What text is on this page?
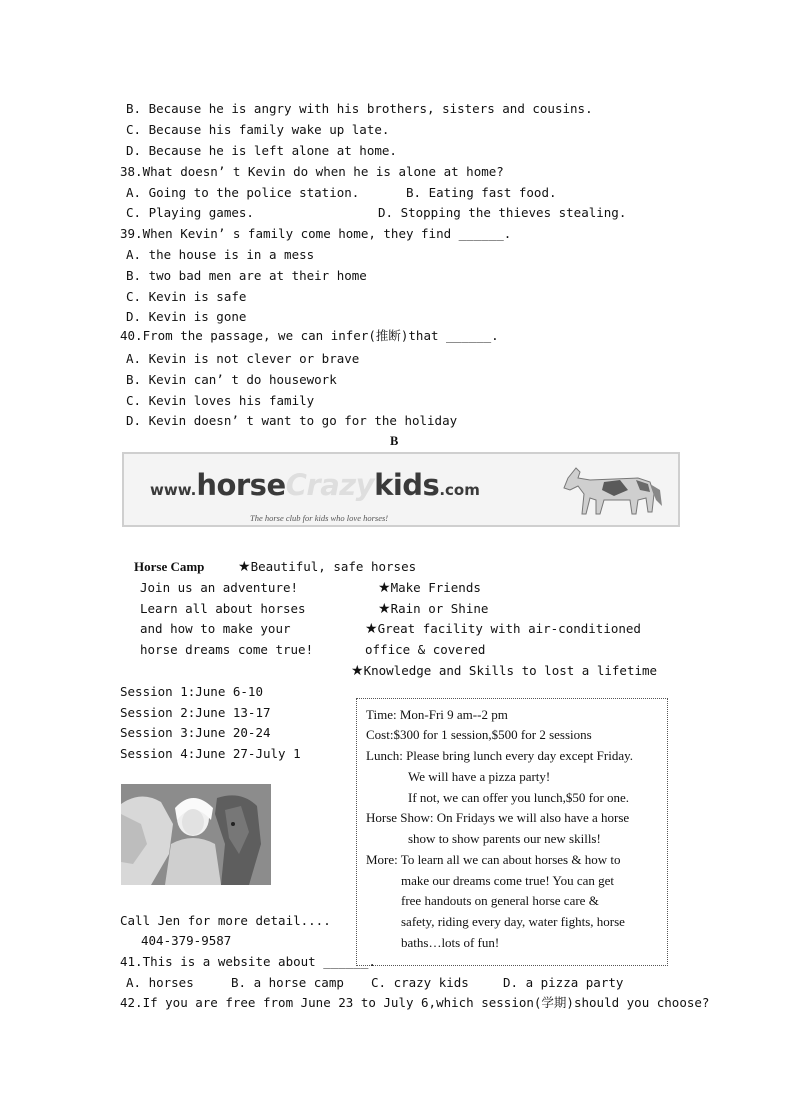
B. Because he is angry with his brothers, sisters and cousins.
C. Because his family wake up late.
D. Because he is left alone at home.
38.What doesn’ t Kevin do when he is alone at home?
A. Going to the police station.	B. Eating fast food.
C. Playing games.	D. Stopping the thieves stealing.
39.When Kevin’ s family come home, they find ______.
A. the house is in a mess
B. two bad men are at their home
C. Kevin is safe
D. Kevin is gone
40.From the passage, we can infer(推断)that ______.
A. Kevin is not clever or brave
B. Kevin can’ t do housework
C. Kevin loves his family
D. Kevin doesn’ t want to go for the holiday
B
www.horseCrazykids.com
The horse club for kids who love horses!
Horse Camp
Join us an adventure!
Learn all about horses
and how to make your
horse dreams come true!
★Beautiful, safe horses
★Make Friends
★Rain or Shine
★Great facility with air-conditioned
office & covered
★Knowledge and Skills to lost a lifetime
Session 1:June 6-10
Session 2:June 13-17
Session 3:June 20-24
Session 4:June 27-July 1
Time: Mon-Fri 9 am--2 pm
Cost:$300 for 1 session,$500 for 2 sessions
Lunch: Please bring lunch every day except Friday.
We will have a pizza party!
If not, we can offer you lunch,$50 for one.
Horse Show: On Fridays we will also have a horse
show to show parents our new skills!
More: To learn all we can about horses & how to
make our dreams come true! You can get
free handouts on general horse care &
safety, riding every day, water fights, horse
baths…lots of fun!
Call Jen for more detail....
404-379-9587
41.This is a website about ______.
A. horses	B. a horse camp C. crazy kids	D. a pizza party
42.If you are free from June 23 to July 6,which session(学期)should you choose?
